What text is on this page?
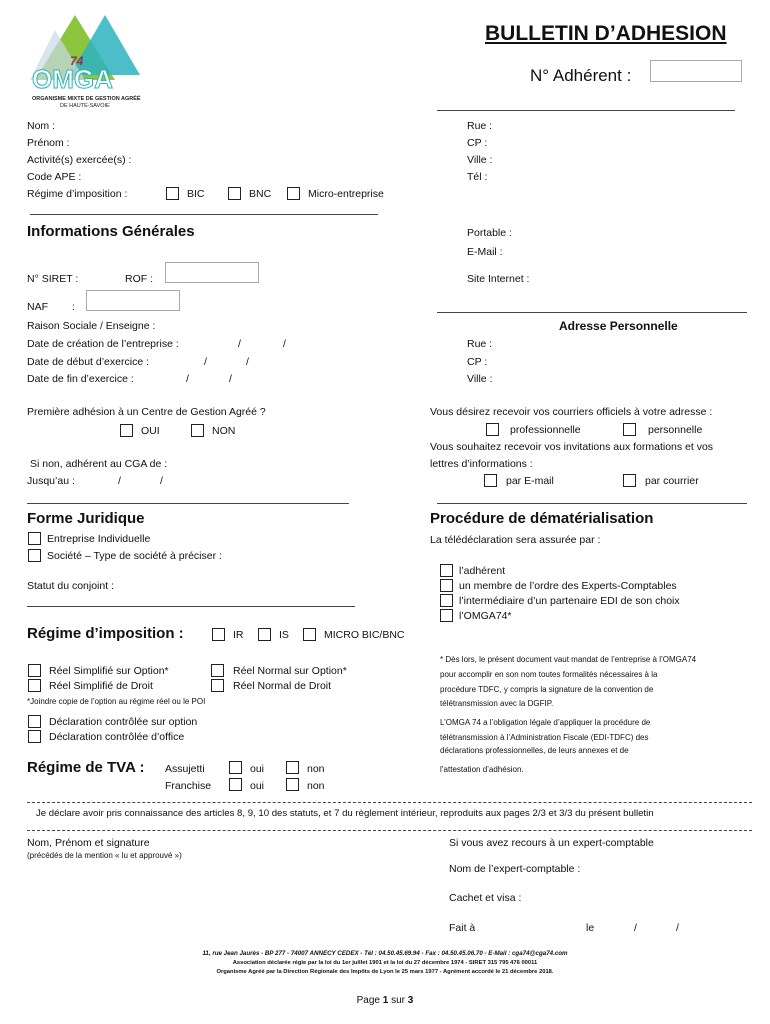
74
OMGA
ORGANISME MIXTE DE GESTION AGRÉÉ
DE HAUTE-SAVOIE
BULLETIN D’ADHESION
N° Adhérent :
Nom :
Prénom :
Activité(s) exercée(s) :
Code APE :
Régime d’imposition :	BIC	BNC	Micro-entreprise
Rue :
CP :
Ville :
Tél :
Portable :
E-Mail :
Site Internet :
Informations Générales
N° SIRET :	ROF :
NAF :
Raison Sociale / Enseigne :
Date de création de l’entreprise :	/	/
Date de début d’exercice :	/	/
Date de fin d’exercice :	/	/
Adresse Personnelle
Rue :
CP :
Ville :
Première adhésion à un Centre de Gestion Agréé ?
OUI	NON
Si non, adhérent au CGA de :
Jusqu’au :	/	/
Vous désirez recevoir vos courriers officiels à votre adresse :
professionnelle	personnelle
Vous souhaitez recevoir vos invitations aux formations et vos
lettres d’informations :
par E-mail	par courrier
Forme Juridique
Entreprise Individuelle
Société – Type de société à préciser :
Statut du conjoint :
Procédure de dématérialisation
La télédéclaration sera assurée par :
l’adhérent
un membre de l’ordre des Experts-Comptables
l’intermédiaire d’un partenaire EDI de son choix
l’OMGA74*
* Dès lors, le présent document vaut mandat de l’entreprise à l’OMGA74
pour accomplir en son nom toutes formalités nécessaires à la
procédure TDFC, y compris la signature de la convention de
télétransmission avec la DGFIP.
L’OMGA 74 a l’obligation légale d’appliquer la procédure de
télétransmission à l’Administration Fiscale (EDI-TDFC) des
déclarations professionnelles, de leurs annexes et de
l’attestation d’adhésion.
Régime d’imposition :	IR	IS	MICRO BIC/BNC
Réel Simplifié sur Option*
Réel Simplifié de Droit
Réel Normal sur Option*
Réel Normal de Droit
*Joindre copie de l’option au régime réel ou le POI
Déclaration contrôlée sur option
Déclaration contrôlée d’office
Régime de TVA : Assujetti	oui	non
Franchise	oui	non
Je déclare avoir pris connaissance des articles 8, 9, 10 des statuts, et 7 du règlement intérieur, reproduits aux pages 2/3 et 3/3 du présent bulletin
Nom, Prénom et signature
(précédés de la mention « lu et approuvé »)
Si vous avez recours à un expert-comptable
Nom de l’expert-comptable :
Cachet et visa :
Fait à	le	/	/
11, rue Jean Jaurès - BP 277 - 74007 ANNECY CEDEX - Tél : 04.50.45.69.94 - Fax : 04.50.45.06.70 - E-Mail : cga74@cga74.com
Association déclarée régie par la loi du 1er juillet 1901 et la loi du 27 décembre 1974 - SIRET 315 795 476 00011
Organisme Agréé par la Direction Régionale des Impôts de Lyon le 25 mars 1977 - Agrément accordé le 21 décembre 2018.
Page 1 sur 3
